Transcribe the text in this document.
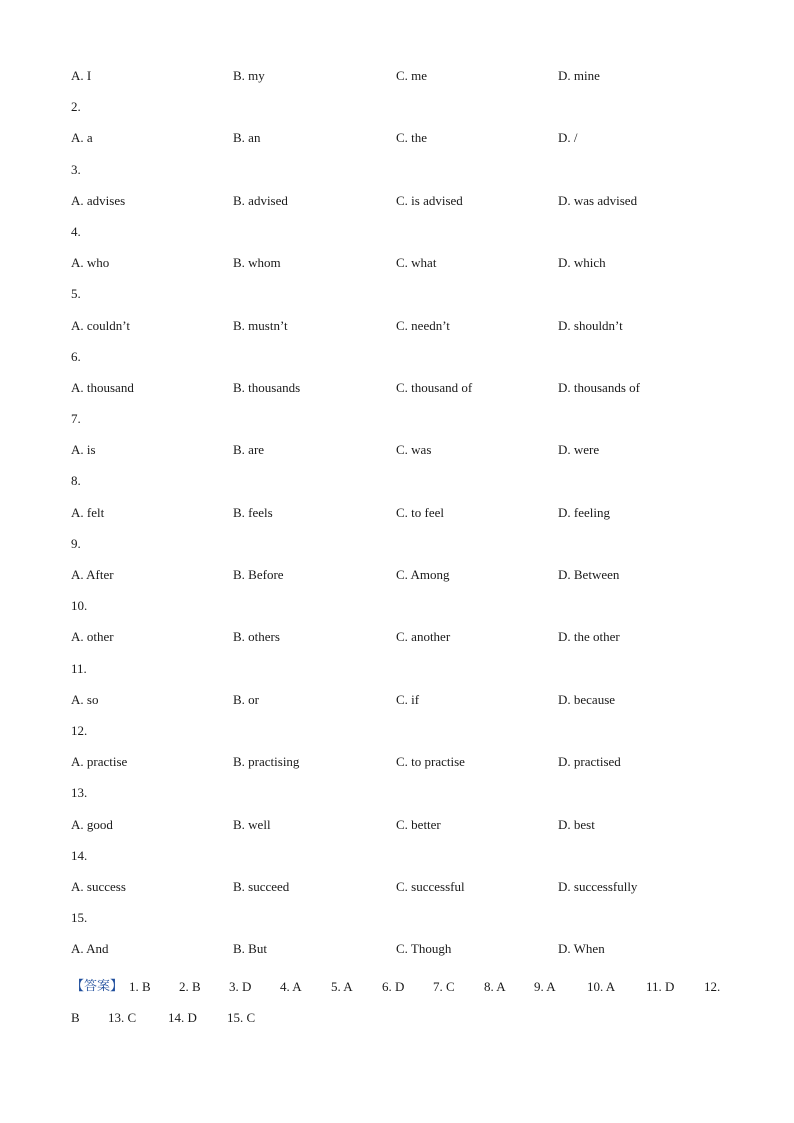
A. I	B. my	C. me	D. mine
2.
A. a	B. an	C. the	D. /
3.
A. advises	B. advised	C. is advised	D. was advised
4.
A. who	B. whom	C. what	D. which
5.
A. couldn’t	B. mustn’t	C. needn’t	D. shouldn’t
6.
A. thousand	B. thousands	C. thousand of	D. thousands of
7.
A. is	B. are	C. was	D. were
8.
A. felt	B. feels	C. to feel	D. feeling
9.
A. After	B. Before	C. Among	D. Between
10.
A. other	B. others	C. another	D. the other
11.
A. so	B. or	C. if	D. because
12.
A. practise	B. practising	C. to practise	D. practised
13.
A. good	B. well	C. better	D. best
14.
A. success	B. succeed	C. successful	D. successfully
15.
A. And	B. But	C. Though	D. When
【答案】 1. B 2. B 3. D 4. A 5. A 6. D 7. C 8. A 9. A 10. A 11. D 12.
B 13. C 14. D 15. C
